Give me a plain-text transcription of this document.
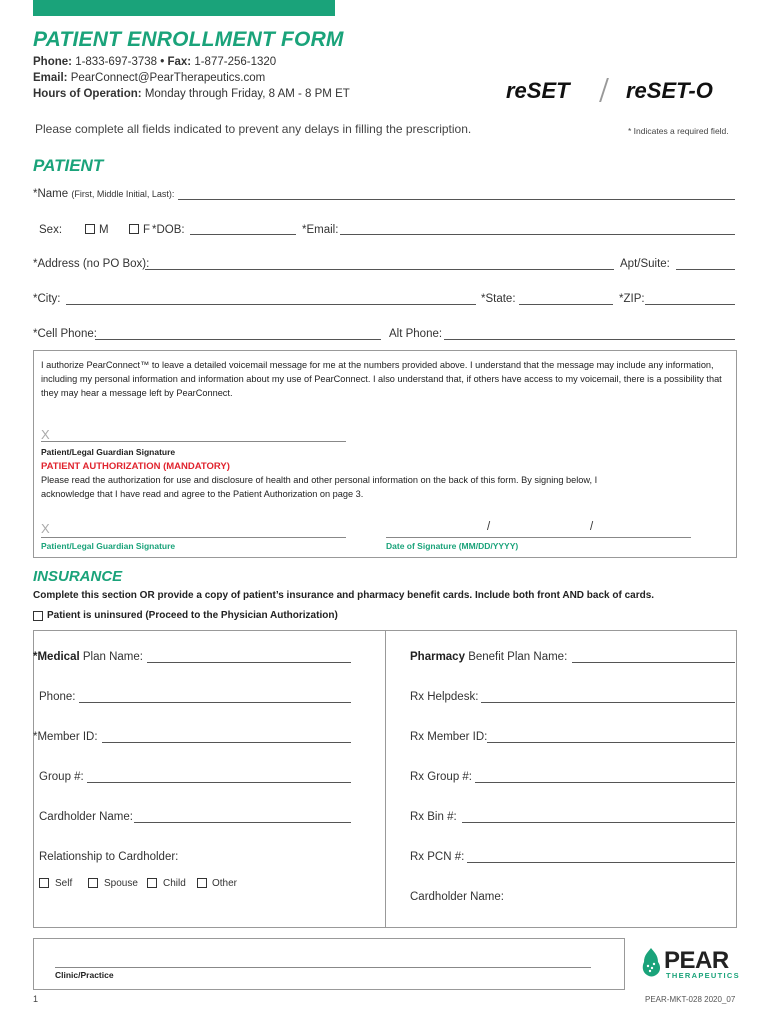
PATIENT ENROLLMENT FORM
Phone: 1-833-697-3738 • Fax: 1-877-256-1320
Email: PearConnect@PearTherapeutics.com
Hours of Operation: Monday through Friday, 8 AM - 8 PM ET	reSET	reSET-O
Please complete all fields indicated to prevent any delays in filling the prescription.	* Indicates a required field.
PATIENT
*Name (First, Middle Initial, Last):
Sex:	M	F *DOB:	*Email:
*Address (no PO Box):	Apt/Suite:
*City:	*State:	*ZIP:
*Cell Phone:	Alt Phone:
I authorize PearConnect™ to leave a detailed voicemail message for me at the numbers provided above. I understand that the message may include any information, including my personal information and information about my use of PearConnect. I also understand that, if others have access to my voicemail, there is a possibility that they may hear a message left by PearConnect.
X
Patient/Legal Guardian Signature
PATIENT AUTHORIZATION (MANDATORY)
Please read the authorization for use and disclosure of health and other personal information on the back of this form. By signing below, I acknowledge that I have read and agree to the Patient Authorization on page 3.
X
Patient/Legal Guardian Signature
/	/
Date of Signature (MM/DD/YYYY)
INSURANCE
Complete this section OR provide a copy of patient’s insurance and pharmacy benefit cards. Include both front AND back of cards.
Patient is uninsured (Proceed to the Physician Authorization)
*Medical Plan Name:
Phone:
*Member ID:
Group #:
Cardholder Name:
Relationship to Cardholder:
Self	Spouse	Child	Other
Pharmacy Benefit Plan Name:
Rx Helpdesk:
Rx Member ID:
Rx Group #:
Rx Bin #:
Rx PCN #:
Cardholder Name:
Clinic/Practice
PEAR
THERAPEUTICS
1	PEAR-MKT-028 2020_07
